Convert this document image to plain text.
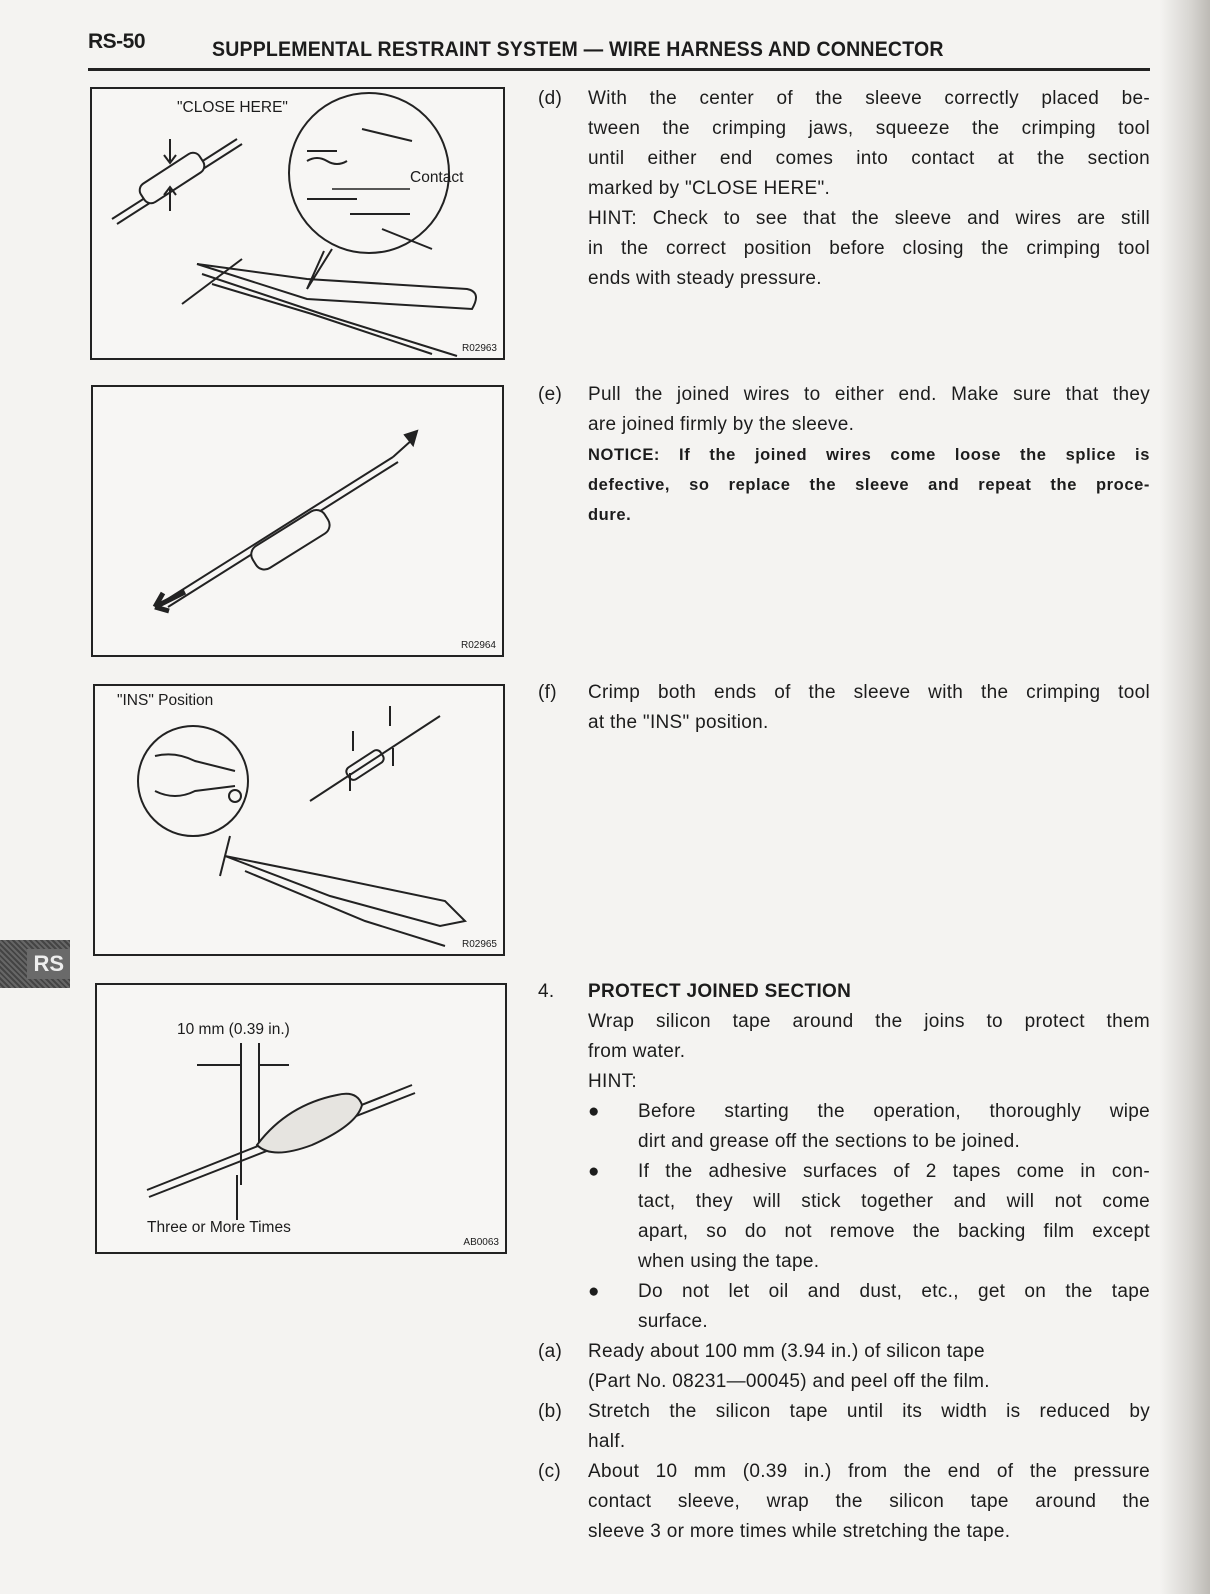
RS-50	SUPPLEMENTAL RESTRAINT SYSTEM — WIRE HARNESS AND CONNECTOR
RS
"CLOSE HERE"
Contact
R02963
R02964
"INS" Position
R02965
10 mm (0.39 in.)
Three or More Times
AB0063
(d)	With the center of the sleeve correctly placed be-
tween the crimping jaws, squeeze the crimping tool
until either end comes into contact at the section
marked by "CLOSE HERE".
HINT: Check to see that the sleeve and wires are still
in the correct position before closing the crimping tool
ends with steady pressure.
(e)	Pull the joined wires to either end. Make sure that they
are joined firmly by the sleeve.
NOTICE: If the joined wires come loose the splice is
defective, so replace the sleeve and repeat the proce-
dure.
(f)	Crimp both ends of the sleeve with the crimping tool
at the "INS" position.
4.	PROTECT JOINED SECTION
Wrap silicon tape around the joins to protect them
from water.
HINT:
●	Before starting the operation, thoroughly wipe
dirt and grease off the sections to be joined.
●	If the adhesive surfaces of 2 tapes come in con-
tact, they will stick together and will not come
apart, so do not remove the backing film except
when using the tape.
●	Do not let oil and dust, etc., get on the tape
surface.
(a)	Ready about 100 mm (3.94 in.) of silicon tape
(Part No. 08231—00045) and peel off the film.
(b)	Stretch the silicon tape until its width is reduced by
half.
(c)	About 10 mm (0.39 in.) from the end of the pressure
contact sleeve, wrap the silicon tape around the
sleeve 3 or more times while stretching the tape.
